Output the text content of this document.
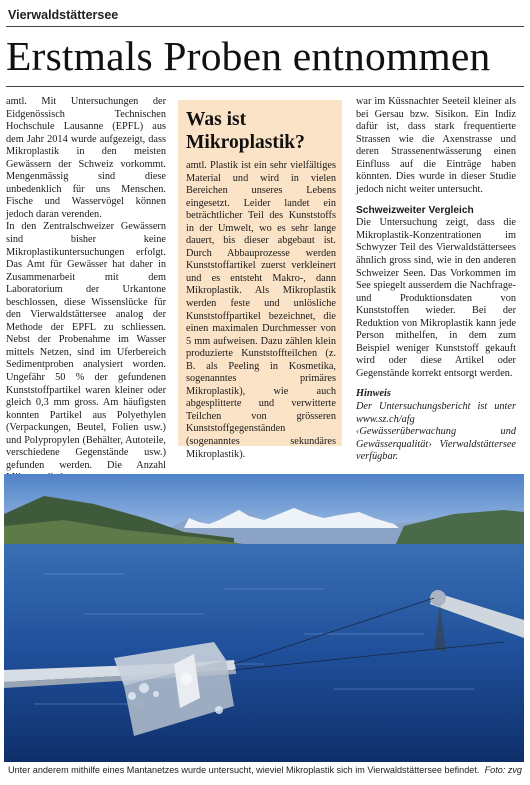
Vierwaldstättersee
Erstmals Proben entnommen

amtl. Mit Untersuchungen der Eidgenössisch Technischen Hochschule Lausanne (EPFL) aus dem Jahr 2014 wurde aufgezeigt, dass Mikroplastik in den meisten Gewässern der Schweiz vorkommt. Mengenmässig sind diese unbedenklich für uns Menschen. Fische und Wasservögel können jedoch daran verenden.

In den Zentralschweizer Gewässern sind bisher keine Mikroplastikuntersuchungen erfolgt. Das Amt für Gewässer hat daher in Zusammenarbeit mit dem Laboratorium der Urkantone beschlossen, diese Wissenslücke für den Vierwaldstättersee analog der Methode der EPFL zu schliessen. Nebst der Probenahme im Wasser mittels Netzen, sind im Uferbereich Sedimentproben analysiert worden. Ungefähr 50 % der gefundenen Kunststoffpartikel waren kleiner oder gleich 0,3 mm gross. Am häufigsten konnten Partikel aus Polyethylen (Verpackungen, Beutel, Folien usw.) und Polypropylen (Behälter, Autoteile, verschiedene Gegenstände usw.) gefunden werden. Die Anzahl

Was ist Mikroplastik?
amtl. Plastik ist ein sehr vielfältiges Material und wird in vielen Bereichen unseres Lebens eingesetzt. Leider landet ein beträchtlicher Teil des Kunststoffs in der Umwelt, wo es sehr lange dauert, bis dieser abgebaut ist. Durch Abbauprozesse werden Kunststoffartikel zuerst verkleinert und es entsteht Makro-, dann Mikroplastik. Als Mikroplastik werden feste und unlösliche Kunststoffpartikel bezeichnet, die einen maximalen Durchmesser von 5 mm aufweisen. Dazu zählen klein produzierte Kunststoffteilchen (z. B. als Peeling in Kosmetika, sogenanntes primäres Mikroplastik), wie auch abgesplitterte und verwitterte Teilchen von grösseren Kunststoffgegenständen (sogenanntes sekundäres Mikroplastik).

war im Küssnachter Seeteil kleiner als bei Gersau bzw. Sisikon. Ein Indiz dafür ist, dass stark frequentierte Strassen wie die Axenstrasse und deren Strassenentwässerung einen Einfluss auf die Einträge haben könnten. Dies wurde in dieser Studie jedoch nicht weiter untersucht.

Schweizweiter Vergleich

Die Untersuchung zeigt, dass die Mikroplastik-Konzentrationen im Schwyzer Teil des Vierwaldstättersees ähnlich gross sind, wie in den anderen Schweizer Seen. Das Vorkommen im See spiegelt ausserdem die Nachfrage- und Produktionsdaten von Kunststoffen wieder. Bei der Reduktion von Mikroplastik kann jede Person mithelfen, in dem zum Beispiel weniger Kunststoff gekauft wird oder diese Artikel oder Gegenstände korrekt entsorgt werden.

Hinweis

Der Untersuchungsbericht ist unter www.sz.ch/afg ‹Gewässerüberwachung und Gewässerqualität› Vierwaldstättersee verfügbar.

Unter anderem mithilfe eines Mantanetzes wurde untersucht, wieviel Mikroplastik sich im Vierwaldstättersee befindet. Foto: zvg
